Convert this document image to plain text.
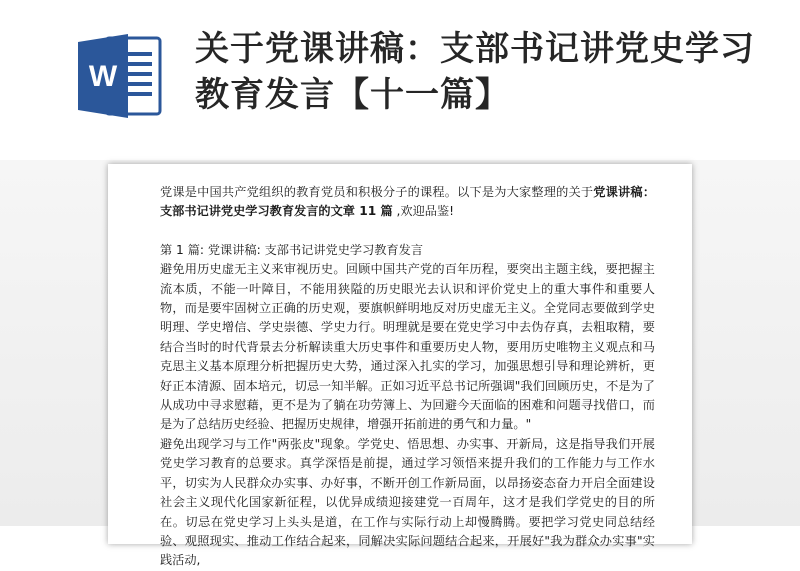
W
关于党课讲稿：支部书记讲党史学习教育发言【十一篇】

党课是中国共产党组织的教育党员和积极分子的课程。以下是为大家整理的关于党课讲稿：支部书记讲党史学习教育发言的文章 11 篇 ,欢迎品鉴!

第 1 篇: 党课讲稿: 支部书记讲党史学习教育发言

避免用历史虚无主义来审视历史。回顾中国共产党的百年历程，要突出主题主线，要把握主流本质，不能一叶障目，不能用狭隘的历史眼光去认识和评价党史上的重大事件和重要人物，而是要牢固树立正确的历史观，要旗帜鲜明地反对历史虚无主义。全党同志要做到学史明理、学史增信、学史崇德、学史力行。明理就是要在党史学习中去伪存真，去粗取精，要结合当时的时代背景去分析解读重大历史事件和重要历史人物，要用历史唯物主义观点和马克思主义基本原理分析把握历史大势，通过深入扎实的学习，加强思想引导和理论辨析，更好正本清源、固本培元，切忌一知半解。正如习近平总书记所强调"我们回顾历史，不是为了从成功中寻求慰藉，更不是为了躺在功劳簿上、为回避今天面临的困难和问题寻找借口，而是为了总结历史经验、把握历史规律，增强开拓前进的勇气和力量。"

避免出现学习与工作"两张皮"现象。学党史、悟思想、办实事、开新局，这是指导我们开展党史学习教育的总要求。真学深悟是前提，通过学习领悟来提升我们的工作能力与工作水平，切实为人民群众办实事、办好事，不断开创工作新局面，以昂扬姿态奋力开启全面建设社会主义现代化国家新征程，以优异成绩迎接建党一百周年，这才是我们学党史的目的所在。切忌在党史学习上头头是道，在工作与实际行动上却慢腾腾。要把学习党史同总结经验、观照现实、推动工作结合起来，同解决实际问题结合起来，开展好"我为群众办实事"实践活动,
